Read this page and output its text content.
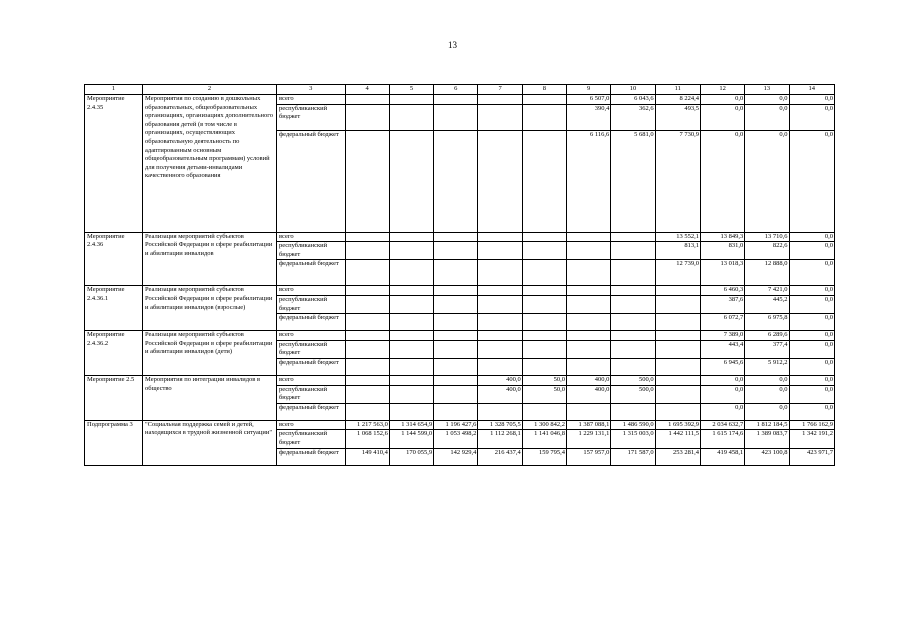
13
1	2	3	4	5	6	7	8	9	10	11	12	13	14
Мероприятие 2.4.35	Мероприятия по созданию в дошкольных образовательных, общеобразовательных организациях, организациях дополнительного образования детей (в том числе в организациях, осуществляющих образовательную деятельность по адаптированным основным общеобразовательным программам) условий для получения детьми-инвалидами качественного образования	всего						6 507,0	6 043,6	8 224,4	0,0	0,0	0,0
		республиканский бюджет						390,4	362,6	493,5	0,0	0,0	0,0
		федеральный бюджет						6 116,6	5 681,0	7 730,9	0,0	0,0	0,0
Мероприятие 2.4.36	Реализация мероприятий субъектов Российской Федерации в сфере реабилитации и абилитации инвалидов	всего								13 552,1	13 849,3	13 710,6	0,0
		республиканский бюджет								813,1	831,0	822,6	0,0
		федеральный бюджет								12 739,0	13 018,3	12 888,0	0,0
Мероприятие 2.4.36.1	Реализация мероприятий субъектов Российской Федерации в сфере реабилитации и абилитации инвалидов (взрослые)	всего									6 460,3	7 421,0	0,0
		республиканский бюджет									387,6	445,2	0,0
		федеральный бюджет									6 072,7	6 975,8	0,0
Мероприятие 2.4.36.2	Реализация мероприятий субъектов Российской Федерации в сфере реабилитации и абилитации инвалидов (дети)	всего									7 389,0	6 289,6	0,0
		республиканский бюджет									443,4	377,4	0,0
		федеральный бюджет									6 945,6	5 912,2	0,0
Мероприятие 2.5	Мероприятия по интеграции инвалидов в общество	всего				400,0	50,0	400,0	500,0		0,0	0,0	0,0
		республиканский бюджет				400,0	50,0	400,0	500,0		0,0	0,0	0,0
		федеральный бюджет									0,0	0,0	0,0
Подпрограмма 3	"Социальная поддержка семей и детей, находящихся в трудной жизненной ситуации"	всего	1 217 563,0	1 314 654,9	1 196 427,6	1 328 705,5	1 300 842,2	1 387 088,1	1 486 590,0	1 695 392,9	2 034 632,7	1 812 184,5	1 766 162,9
		республиканский бюджет	1 068 152,6	1 144 599,0	1 053 498,2	1 112 268,1	1 141 046,8	1 229 131,1	1 315 003,0	1 442 111,5	1 615 174,6	1 389 083,7	1 342 191,2
		федеральный бюджет	149 410,4	170 055,9	142 929,4	216 437,4	159 795,4	157 957,0	171 587,0	253 281,4	419 458,1	423 100,8	423 971,7
